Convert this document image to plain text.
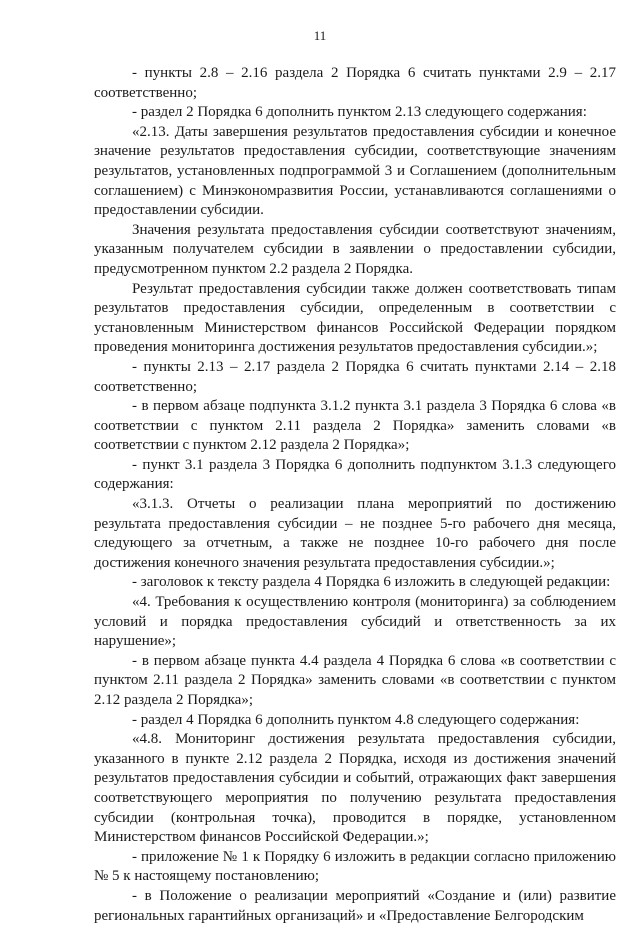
11

- пункты 2.8 – 2.16 раздела 2 Порядка 6 считать пунктами 2.9 – 2.17 соответственно;

- раздел 2 Порядка 6 дополнить пунктом 2.13 следующего содержания:

«2.13. Даты завершения результатов предоставления субсидии и конечное значение результатов предоставления субсидии, соответствующие значениям результатов, установленных подпрограммой 3 и Соглашением (дополнительным соглашением) с Минэкономразвития России, устанавливаются соглашениями о предоставлении субсидии.

Значения результата предоставления субсидии соответствуют значениям, указанным получателем субсидии в заявлении о предоставлении субсидии, предусмотренном пунктом 2.2 раздела 2 Порядка.

Результат предоставления субсидии также должен соответствовать типам результатов предоставления субсидии, определенным в соответствии с установленным Министерством финансов Российской Федерации порядком проведения мониторинга достижения результатов предоставления субсидии.»;

- пункты 2.13 – 2.17 раздела 2 Порядка 6 считать пунктами 2.14 – 2.18 соответственно;

- в первом абзаце подпункта 3.1.2 пункта 3.1 раздела 3 Порядка 6 слова «в соответствии с пунктом 2.11 раздела 2 Порядка» заменить словами «в соответствии с пунктом 2.12 раздела 2 Порядка»;

- пункт 3.1 раздела 3 Порядка 6 дополнить подпунктом 3.1.3 следующего содержания:

«3.1.3. Отчеты о реализации плана мероприятий по достижению результата предоставления субсидии – не позднее 5-го рабочего дня месяца, следующего за отчетным, а также не позднее 10-го рабочего дня после достижения конечного значения результата предоставления субсидии.»;

- заголовок к тексту раздела 4 Порядка 6 изложить в следующей редакции:

«4. Требования к осуществлению контроля (мониторинга) за соблюдением условий и порядка предоставления субсидий и ответственность за их нарушение»;

- в первом абзаце пункта 4.4 раздела 4 Порядка 6 слова «в соответствии с пунктом 2.11 раздела 2 Порядка» заменить словами «в соответствии с пунктом 2.12 раздела 2 Порядка»;

- раздел 4 Порядка 6 дополнить пунктом 4.8 следующего содержания:

«4.8. Мониторинг достижения результата предоставления субсидии, указанного в пункте 2.12 раздела 2 Порядка, исходя из достижения значений результатов предоставления субсидии и событий, отражающих факт завершения соответствующего мероприятия по получению результата предоставления субсидии (контрольная точка), проводится в порядке, установленном Министерством финансов Российской Федерации.»;

- приложение № 1 к Порядку 6 изложить в редакции согласно приложению № 5 к настоящему постановлению;

- в Положение о реализации мероприятий «Создание и (или) развитие региональных гарантийных организаций» и «Предоставление Белгородским
